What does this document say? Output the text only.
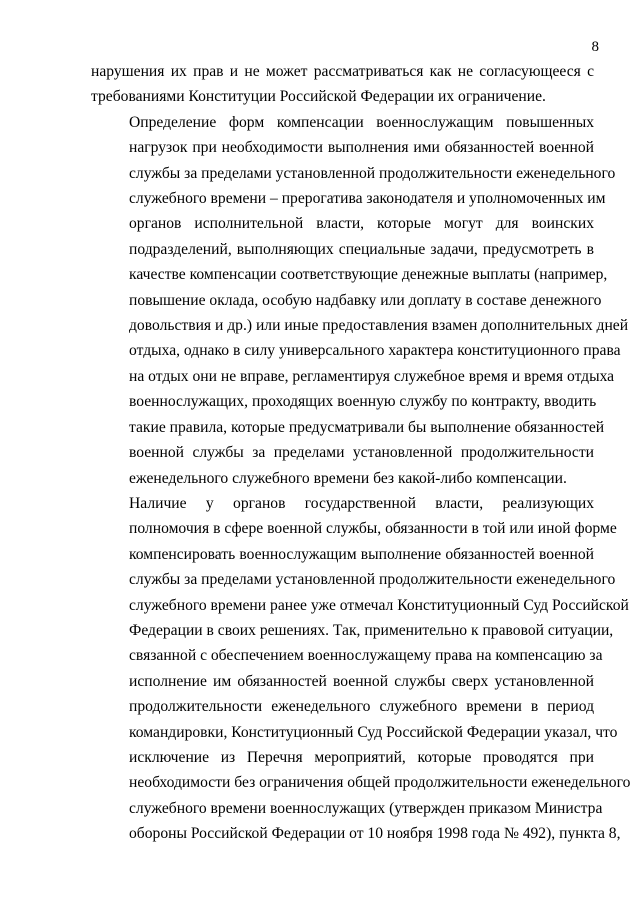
8
нарушения их прав и не может рассматриваться как не согласующееся с
требованиями Конституции Российской Федерации их ограничение.
Определение форм компенсации военнослужащим повышенных
нагрузок при необходимости выполнения ими обязанностей военной
службы за пределами установленной продолжительности еженедельного
служебного времени – прерогатива законодателя и уполномоченных им
органов исполнительной власти, которые могут для воинских
подразделений, выполняющих специальные задачи, предусмотреть в
качестве компенсации соответствующие денежные выплаты (например,
повышение оклада, особую надбавку или доплату в составе денежного
довольствия и др.) или иные предоставления взамен дополнительных дней
отдыха, однако в силу универсального характера конституционного права
на отдых они не вправе, регламентируя служебное время и время отдыха
военнослужащих, проходящих военную службу по контракту, вводить
такие правила, которые предусматривали бы выполнение обязанностей
военной службы за пределами установленной продолжительности
еженедельного служебного времени без какой-либо компенсации.
Наличие у органов государственной власти, реализующих
полномочия в сфере военной службы, обязанности в той или иной форме
компенсировать военнослужащим выполнение обязанностей военной
службы за пределами установленной продолжительности еженедельного
служебного времени ранее уже отмечал Конституционный Суд Российской
Федерации в своих решениях. Так, применительно к правовой ситуации,
связанной с обеспечением военнослужащему права на компенсацию за
исполнение им обязанностей военной службы сверх установленной
продолжительности еженедельного служебного времени в период
командировки, Конституционный Суд Российской Федерации указал, что
исключение из Перечня мероприятий, которые проводятся при
необходимости без ограничения общей продолжительности еженедельного
служебного времени военнослужащих (утвержден приказом Министра
обороны Российской Федерации от 10 ноября 1998 года № 492), пункта 8,
